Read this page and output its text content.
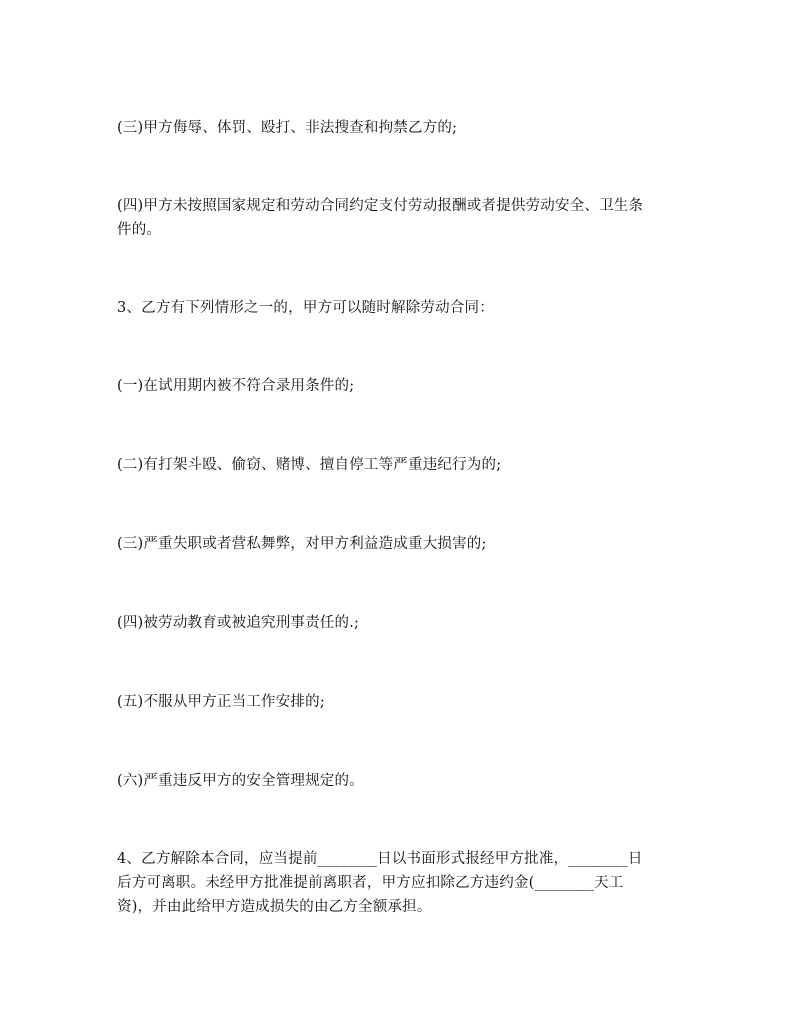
(三)甲方侮辱、体罚、殴打、非法搜查和拘禁乙方的;
(四)甲方未按照国家规定和劳动合同约定支付劳动报酬或者提供劳动安全、卫生条
件的。
3、乙方有下列情形之一的，甲方可以随时解除劳动合同：
(一)在试用期内被不符合录用条件的;
(二)有打架斗殴、偷窃、赌博、擅自停工等严重违纪行为的;
(三)严重失职或者营私舞弊，对甲方利益造成重大损害的;
(四)被劳动教育或被追究刑事责任的.;
(五)不服从甲方正当工作安排的;
(六)严重违反甲方的安全管理规定的。
4、乙方解除本合同，应当提前________日以书面形式报经甲方批准，________日
后方可离职。未经甲方批准提前离职者，甲方应扣除乙方违约金(________天工
资)，并由此给甲方造成损失的由乙方全额承担。
